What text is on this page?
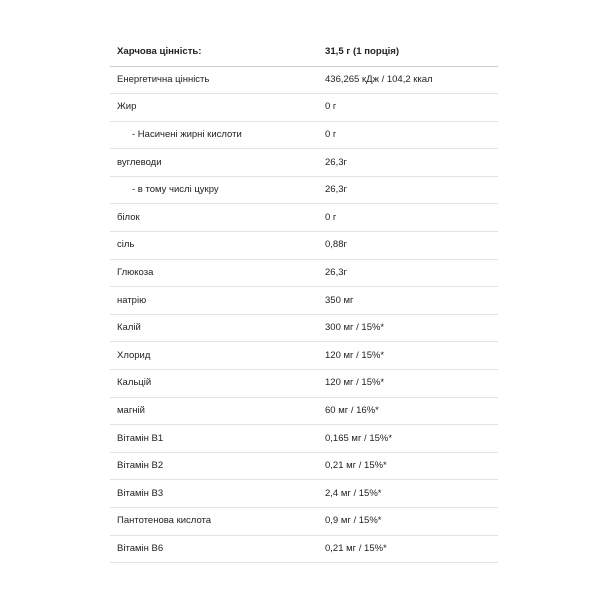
Харчова цінність:	31,5 г (1 порція)
Енергетична цінність	436,265 кДж / 104,2 ккал
Жир	0 г
- Насичені жирні кислоти	0 г
вуглеводи	26,3г
- в тому числі цукру	26,3г
білок	0 г
сіль	0,88г
Глюкоза	26,3г
натрію	350 мг
Калій	300 мг / 15%*
Хлорид	120 мг / 15%*
Кальцій	120 мг / 15%*
магній	60 мг / 16%*
Вітамін B1	0,165 мг / 15%*
Вітамін B2	0,21 мг / 15%*
Вітамін B3	2,4 мг / 15%*
Пантотенова кислота	0,9 мг / 15%*
Вітамін B6	0,21 мг / 15%*
